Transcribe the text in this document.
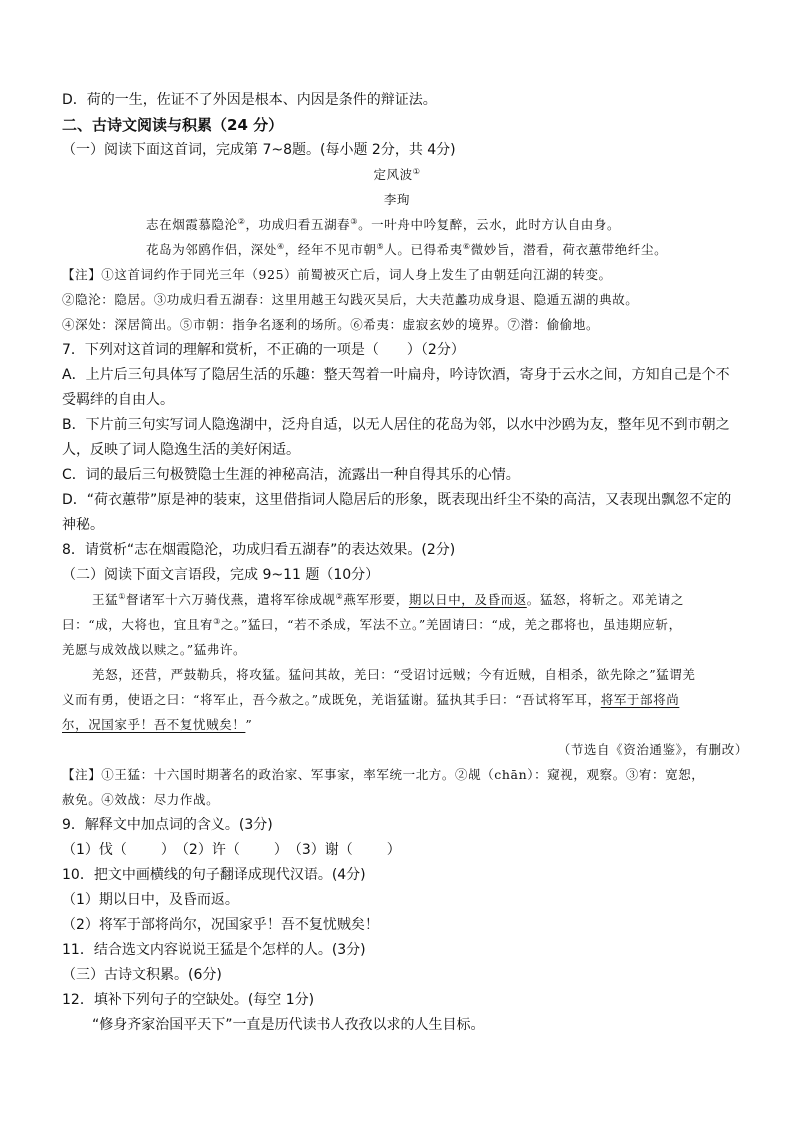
D．荷的一生，佐证不了外因是根本、内因是条件的辩证法。
二、古诗文阅读与积累（24 分）
（一）阅读下面这首词，完成第 7~8题。(每小题 2分，共 4分)
定风波①
李珣
志在烟霞慕隐沦②，功成归看五湖春③。一叶舟中吟复醉，云水，此时方认自由身。
花岛为邻鸥作侣，深处④，经年不见市朝⑤人。已得希夷⑥微妙旨，潜看，荷衣蕙带绝纤尘。
【注】①这首词约作于同光三年（925）前蜀被灭亡后，词人身上发生了由朝廷向江湖的转变。
②隐沦：隐居。③功成归看五湖春：这里用越王勾践灭吴后，大夫范蠡功成身退、隐遁五湖的典故。
④深处：深居简出。⑤市朝：指争名逐利的场所。⑥希夷：虚寂玄妙的境界。⑦潜：偷偷地。
7．下列对这首词的理解和赏析，不正确的一项是（　　）（2分）
A．上片后三句具体写了隐居生活的乐趣：整天驾着一叶扁舟，吟诗饮酒，寄身于云水之间，方知自己是个不
受羁绊的自由人。
B．下片前三句实写词人隐逸湖中，泛舟自适，以无人居住的花岛为邻，以水中沙鸥为友，整年见不到市朝之
人，反映了词人隐逸生活的美好闲适。
C．词的最后三句极赞隐士生涯的神秘高洁，流露出一种自得其乐的心情。
D．“荷衣蕙带”原是神的装束，这里借指词人隐居后的形象，既表现出纤尘不染的高洁，又表现出飘忽不定的
神秘。
8．请赏析“志在烟霞隐沦，功成归看五湖春”的表达效果。(2分)
（二）阅读下面文言语段，完成 9~11 题（10分）
王猛①督诸军十六万骑伐燕，遣将军徐成觇②燕军形要，期以日中，及昏而返。猛怒，将斩之。邓羌请之
曰：“成，大将也，宜且宥③之。”猛曰，“若不杀成，军法不立。”羌固请曰：“成，羌之郡将也，虽违期应斩，
羌愿与成效战以赎之。”猛弗许。
羌怒，还营，严鼓勒兵，将攻猛。猛问其故，羌曰：“受诏讨远贼；今有近贼，自相杀，欲先除之”猛谓羌
义而有勇，使语之曰：“将军止，吾今赦之。”成既免，羌诣猛谢。猛执其手曰：“吾试将军耳，将军于部将尚
尔，况国家乎！吾不复忧贼矣！”
（节选自《资治通鉴》，有删改）
【注】①王猛：十六国时期著名的政治家、军事家，率军统一北方。②觇（chān）：窥视，观察。③宥：宽恕，
赦免。④效战：尽力作战。
9．解释文中加点词的含义。(3分)
（1）伐（ ）　（2）许（ ）　（3）谢（ ）
10．把文中画横线的句子翻译成现代汉语。(4分)
（1）期以日中，及昏而返。
（2）将军于部将尚尔，况国家乎！吾不复忧贼矣！
11．结合选文内容说说王猛是个怎样的人。(3分)
（三）古诗文积累。(6分)
12．填补下列句子的空缺处。(每空 1分)
“修身齐家治国平天下”一直是历代读书人孜孜以求的人生目标。
